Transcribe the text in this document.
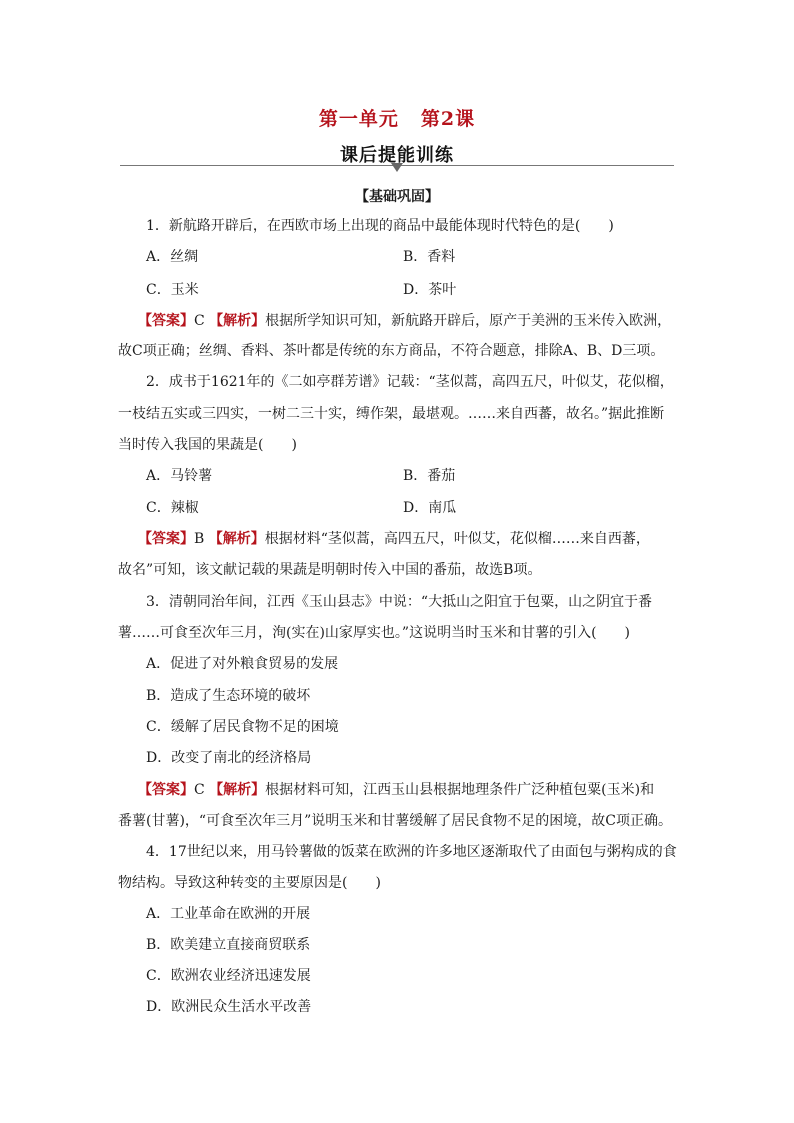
第一单元 第2课
课后提能训练
【基础巩固】
1．新航路开辟后，在西欧市场上出现的商品中最能体现时代特色的是(　　)
A．丝绸	B．香料
C．玉米	D．茶叶
【答案】C 【解析】根据所学知识可知，新航路开辟后，原产于美洲的玉米传入欧洲，
故C项正确；丝绸、香料、茶叶都是传统的东方商品，不符合题意，排除A、B、D三项。
2．成书于1621年的《二如亭群芳谱》记载：“茎似蒿，高四五尺，叶似艾，花似榴，
一枝结五实或三四实，一树二三十实，缚作架，最堪观。……来自西蕃，故名。”据此推断
当时传入我国的果蔬是(　　)
A．马铃薯	B．番茄
C．辣椒	D．南瓜
【答案】B 【解析】根据材料“茎似蒿，高四五尺，叶似艾，花似榴……来自西蕃，
故名”可知，该文献记载的果蔬是明朝时传入中国的番茄，故选B项。
3．清朝同治年间，江西《玉山县志》中说：“大抵山之阳宜于包粟，山之阴宜于番
薯……可食至次年三月，洵(实在)山家厚实也。”这说明当时玉米和甘薯的引入(　　)
A．促进了对外粮食贸易的发展
B．造成了生态环境的破坏
C．缓解了居民食物不足的困境
D．改变了南北的经济格局
【答案】C 【解析】根据材料可知，江西玉山县根据地理条件广泛种植包粟(玉米)和
番薯(甘薯)，“可食至次年三月”说明玉米和甘薯缓解了居民食物不足的困境，故C项正确。
4．17世纪以来，用马铃薯做的饭菜在欧洲的许多地区逐渐取代了由面包与粥构成的食
物结构。导致这种转变的主要原因是(　　)
A．工业革命在欧洲的开展
B．欧美建立直接商贸联系
C．欧洲农业经济迅速发展
D．欧洲民众生活水平改善
